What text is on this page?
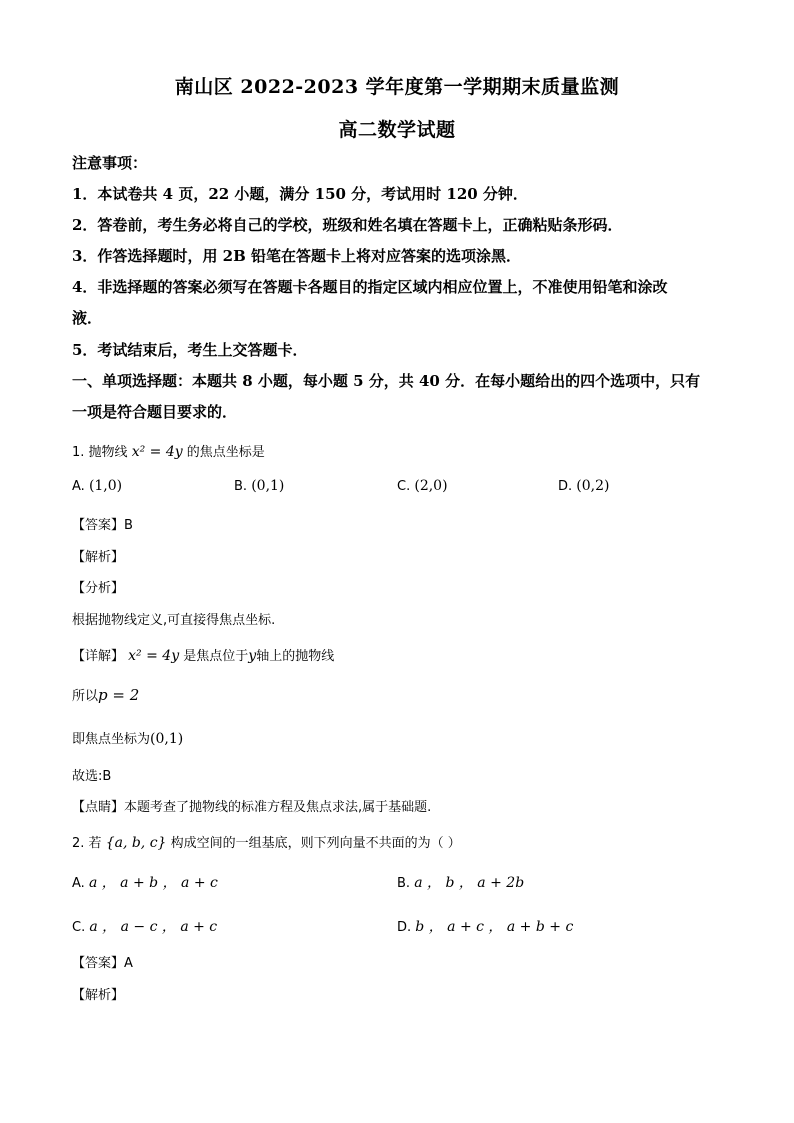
南山区 2022-2023 学年度第一学期期末质量监测
高二数学试题
注意事项：
1．本试卷共 4 页，22 小题，满分 150 分，考试用时 120 分钟．
2．答卷前，考生务必将自己的学校，班级和姓名填在答题卡上，正确粘贴条形码．
3．作答选择题时，用 2B 铅笔在答题卡上将对应答案的选项涂黑．
4．非选择题的答案必须写在答题卡各题目的指定区域内相应位置上，不准使用铅笔和涂改
液．
5．考试结束后，考生上交答题卡．
一、单项选择题：本题共 8 小题，每小题 5 分，共 40 分．在每小题给出的四个选项中，只有
一项是符合题目要求的．
1. 抛物线 x² = 4y 的焦点坐标是
A. (1,0)	B. (0,1)	C. (2,0)	D. (0,2)
【答案】B
【解析】
【分析】
根据抛物线定义,可直接得焦点坐标.
【详解】 x² = 4y 是焦点位于y轴上的抛物线
所以p = 2
即焦点坐标为(0,1)
故选:B
【点睛】本题考查了抛物线的标准方程及焦点求法,属于基础题.
2. 若 {a, b, c} 构成空间的一组基底，则下列向量不共面的为（ ）
A. a ， a + b ， a + c	B. a ， b ， a + 2b
C. a ， a − c ， a + c	D. b ， a + c ， a + b + c
【答案】A
【解析】
